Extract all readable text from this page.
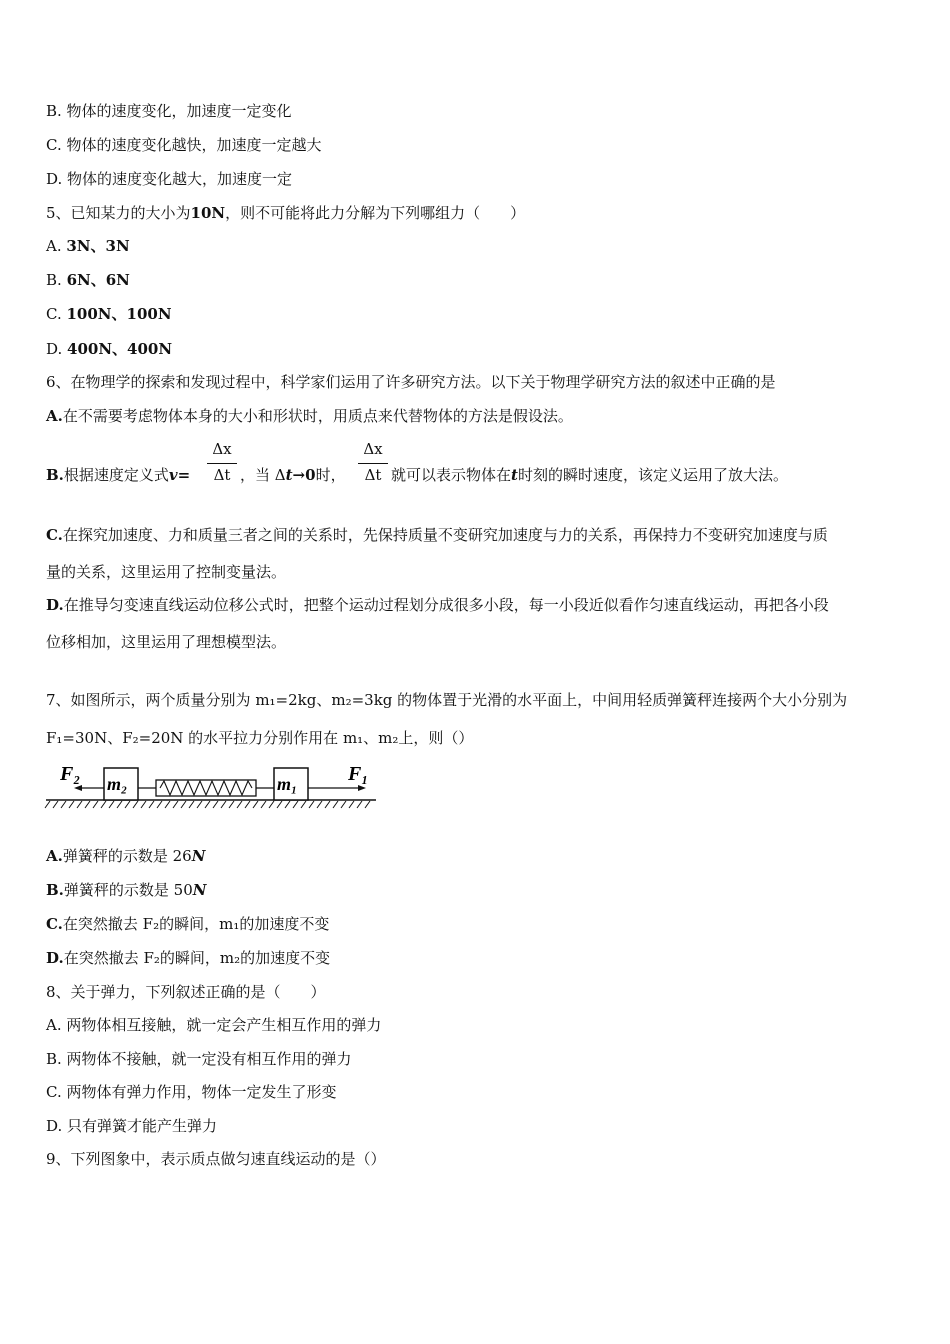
B. 物体的速度变化，加速度一定变化
C. 物体的速度变化越快，加速度一定越大
D. 物体的速度变化越大，加速度一定
5、已知某力的大小为10N，则不可能将此力分解为下列哪组力（　　）
A. 3N、3N
B. 6N、6N
C. 100N、100N
D. 400N、400N
6、在物理学的探索和发现过程中，科学家们运用了许多研究方法。以下关于物理学研究方法的叙述中正确的是
A.在不需要考虑物体本身的大小和形状时，用质点来代替物体的方法是假设法。
B.根据速度定义式v=
Δx
Δt ，当 Δt→0时，
Δx
Δt 就可以表示物体在t时刻的瞬时速度，该定义运用了放大法。
C.在探究加速度、力和质量三者之间的关系时，先保持质量不变研究加速度与力的关系，再保持力不变研究加速度与质
量的关系，这里运用了控制变量法。
D.在推导匀变速直线运动位移公式时，把整个运动过程划分成很多小段，每一小段近似看作匀速直线运动，再把各小段
位移相加，这里运用了理想模型法。
7、如图所示，两个质量分别为 m₁=2kg、m₂=3kg 的物体置于光滑的水平面上，中间用轻质弹簧秤连接两个大小分别为
F₁=30N、F₂=20N 的水平拉力分别作用在 m₁、m₂上，则（）
F₂ m₂	m₁	F₁
A.弹簧秤的示数是 26N
B.弹簧秤的示数是 50N
C.在突然撤去 F₂的瞬间，m₁的加速度不变
D.在突然撤去 F₂的瞬间，m₂的加速度不变
8、关于弹力，下列叙述正确的是（　　）
A. 两物体相互接触，就一定会产生相互作用的弹力
B. 两物体不接触，就一定没有相互作用的弹力
C. 两物体有弹力作用，物体一定发生了形变
D. 只有弹簧才能产生弹力
9、下列图象中，表示质点做匀速直线运动的是（）
